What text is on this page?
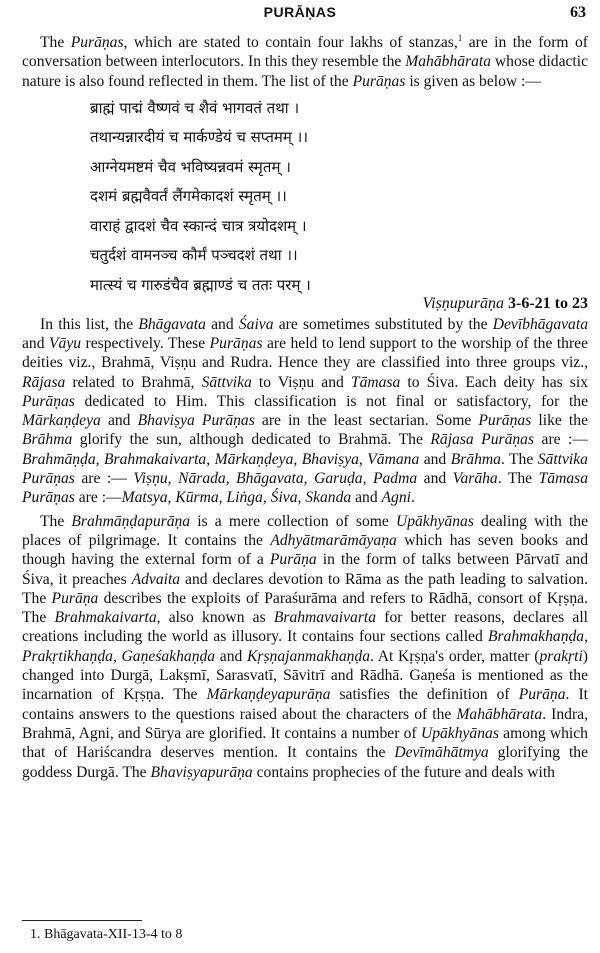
PURĀṆAS	63

The Purāṇas, which are stated to contain four lakhs of stanzas,$^1$ are in the form of conversation between interlocutors. In this they resemble the Mahābhārata whose didactic nature is also found reflected in them. The list of the Purāṇas is given as below :—

ब्राह्मं पाद्मं वैष्णवं च शैवं भागवतं तथा ।
तथान्यन्नारदीयं च मार्कण्डेयं च सप्तमम् ।।
आग्नेयमष्टमं चैव भविष्यन्नवमं स्मृतम् ।
दशमं ब्रह्मवैवर्तं लैंगमेकादशं स्मृतम् ।।
वाराहं द्वादशं चैव स्कान्दं चात्र त्रयोदशम् ।
चतुर्दशं वामनञ्च कौर्मं पञ्चदशं तथा ।।
मात्स्यं च गारुडंचैव ब्रह्माण्डं च ततः परम् ।
Viṣṇupurāṇa 3-6-21 to 23

In this list, the Bhāgavata and Śaiva are sometimes substituted by the Devībhāgavata and Vāyu respectively. These Purāṇas are held to lend support to the worship of the three deities viz., Brahmā, Viṣṇu and Rudra. Hence they are classified into three groups viz., Rājasa related to Brahmā, Sāttvika to Viṣṇu and Tāmasa to Śiva. Each deity has six Purāṇas dedicated to Him. This classification is not final or satisfactory, for the Mārkaṇḍeya and Bhaviṣya Purāṇas are in the least sectarian. Some Purāṇas like the Brāhma glorify the sun, although dedicated to Brahmā. The Rājasa Purāṇas are :— Brahmāṇḍa, Brahmakaivarta, Mārkaṇḍeya, Bhaviṣya, Vāmana and Brāhma. The Sāttvika Purāṇas are :— Viṣṇu, Nārada, Bhāgavata, Garuḍa, Padma and Varāha. The Tāmasa Purāṇas are :—Matsya, Kūrma, Liṅga, Śiva, Skanda and Agni.

The Brahmāṇḍapurāṇa is a mere collection of some Upākhyānas dealing with the places of pilgrimage. It contains the Adhyātmarāmāyaṇa which has seven books and though having the external form of a Purāṇa in the form of talks between Pārvatī and Śiva, it preaches Advaita and declares devotion to Rāma as the path leading to salvation. The Purāṇa describes the exploits of Paraśurāma and refers to Rādhā, consort of Kṛṣṇa. The Brahmakaivarta, also known as Brahmavaivarta for better reasons, declares all creations including the world as illusory. It contains four sections called Brahmakhaṇḍa, Prakṛtikhaṇḍa, Gaṇeśakhaṇḍa and Kṛṣṇajanmakhaṇḍa. At Kṛṣṇa's order, matter (prakṛti) changed into Durgā, Lakṣmī, Sarasvatī, Sāvitrī and Rādhā. Gaṇeśa is mentioned as the incarnation of Kṛṣṇa. The Mārkaṇḍeyapurāṇa satisfies the definition of Purāṇa. It contains answers to the questions raised about the characters of the Mahābhārata. Indra, Brahmā, Agni, and Sūrya are glorified. It contains a number of Upākhyānas among which that of Hariścandra deserves mention. It contains the Devīmāhātmya glorifying the goddess Durgā. The Bhaviṣyapurāṇa contains prophecies of the future and deals with

1. Bhāgavata-XII-13-4 to 8
